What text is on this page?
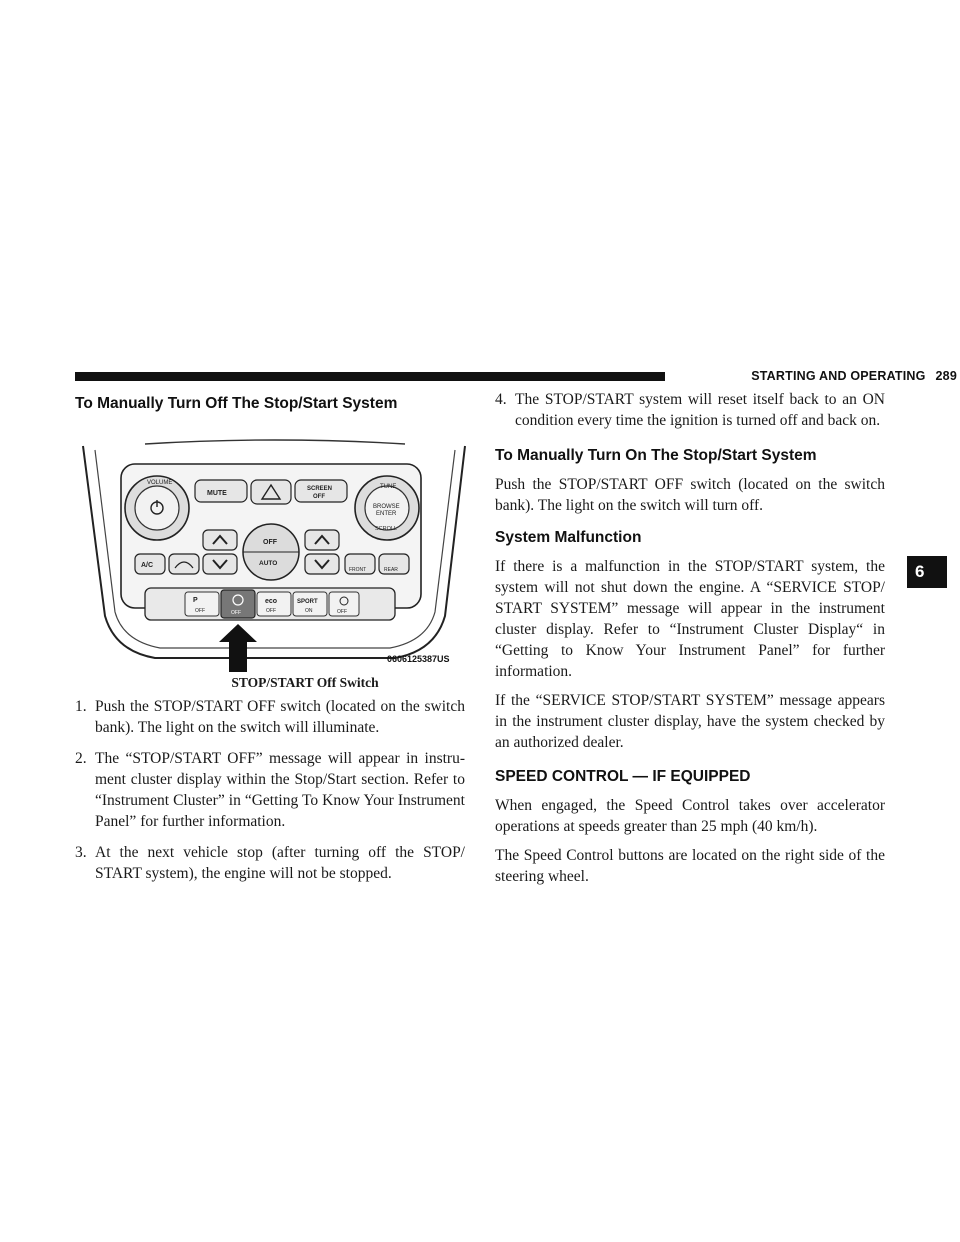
STARTING AND OPERATING 289
6
To Manually Turn Off The Stop/Start System
VOLUME
TUNE
BROWSE
ENTER
SCROLL
MUTE
SCREEN
OFF
OFF
AUTO
A/C
FRONT	REAR
P
OFF	OFF
eco
OFF
SPORT
ON	OFF
0606125387US
STOP/START Off Switch
1. Push the STOP/START OFF switch (located on the switch bank). The light on the switch will illuminate.
2. The “STOP/START OFF” message will appear in instru- ment cluster display within the Stop/Start section. Refer to “Instrument Cluster” in “Getting To Know Your Instrument Panel” for further information.
3. At the next vehicle stop (after turning off the STOP/ START system), the engine will not be stopped.
4. The STOP/START system will reset itself back to an ON condition every time the ignition is turned off and back on.
To Manually Turn On The Stop/Start System

Push the STOP/START OFF switch (located on the switch bank). The light on the switch will turn off.

System Malfunction

If there is a malfunction in the STOP/START system, the system will not shut down the engine. A “SERVICE STOP/ START SYSTEM” message will appear in the instrument cluster display. Refer to “Instrument Cluster Display“ in “Getting to Know Your Instrument Panel” for further information.

If the “SERVICE STOP/START SYSTEM” message appears in the instrument cluster display, have the system checked by an authorized dealer.

SPEED CONTROL — IF EQUIPPED

When engaged, the Speed Control takes over accelerator operations at speeds greater than 25 mph (40 km/h).

The Speed Control buttons are located on the right side of the steering wheel.
